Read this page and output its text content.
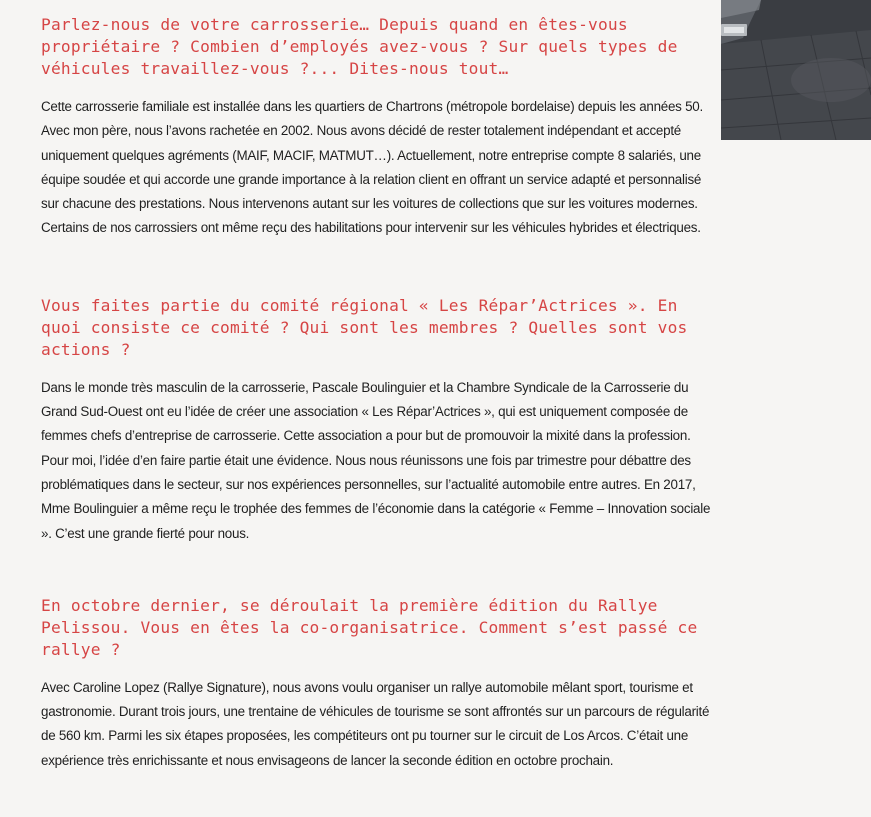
Parlez-nous de votre carrosserie… Depuis quand en êtes-vous propriétaire ? Combien d’employés avez-vous ? Sur quels types de véhicules travaillez-vous ?... Dites-nous tout…

Cette carrosserie familiale est installée dans les quartiers de Chartrons (métropole bordelaise) depuis les années 50. Avec mon père, nous l’avons rachetée en 2002. Nous avons décidé de rester totalement indépendant et accepté uniquement quelques agréments (MAIF, MACIF, MATMUT…). Actuellement, notre entreprise compte 8 salariés, une équipe soudée et qui accorde une grande importance à la relation client en offrant un service adapté et personnalisé sur chacune des prestations. Nous intervenons autant sur les voitures de collections que sur les voitures modernes. Certains de nos carrossiers ont même reçu des habilitations pour intervenir sur les véhicules hybrides et électriques.

Vous faites partie du comité régional « Les Répar’Actrices ». En quoi consiste ce comité ? Qui sont les membres ? Quelles sont vos actions ?

Dans le monde très masculin de la carrosserie, Pascale Boulinguier et la Chambre Syndicale de la Carrosserie du Grand Sud-Ouest ont eu l’idée de créer une association « Les Répar’Actrices », qui est uniquement composée de femmes chefs d’entreprise de carrosserie. Cette association a pour but de promouvoir la mixité dans la profession. Pour moi, l’idée d’en faire partie était une évidence. Nous nous réunissons une fois par trimestre pour débattre des problématiques dans le secteur, sur nos expériences personnelles, sur l’actualité automobile entre autres. En 2017, Mme Boulinguier a même reçu le trophée des femmes de l’économie dans la catégorie « Femme – Innovation sociale ». C’est une grande fierté pour nous.

En octobre dernier, se déroulait la première édition du Rallye Pelissou. Vous en êtes la co-organisatrice. Comment s’est passé ce rallye ?

Avec Caroline Lopez (Rallye Signature), nous avons voulu organiser un rallye automobile mêlant sport, tourisme et gastronomie. Durant trois jours, une trentaine de véhicules de tourisme se sont affrontés sur un parcours de régularité de 560 km. Parmi les six étapes proposées, les compétiteurs ont pu tourner sur le circuit de Los Arcos. C’était une expérience très enrichissante et nous envisageons de lancer la seconde édition en octobre prochain.
